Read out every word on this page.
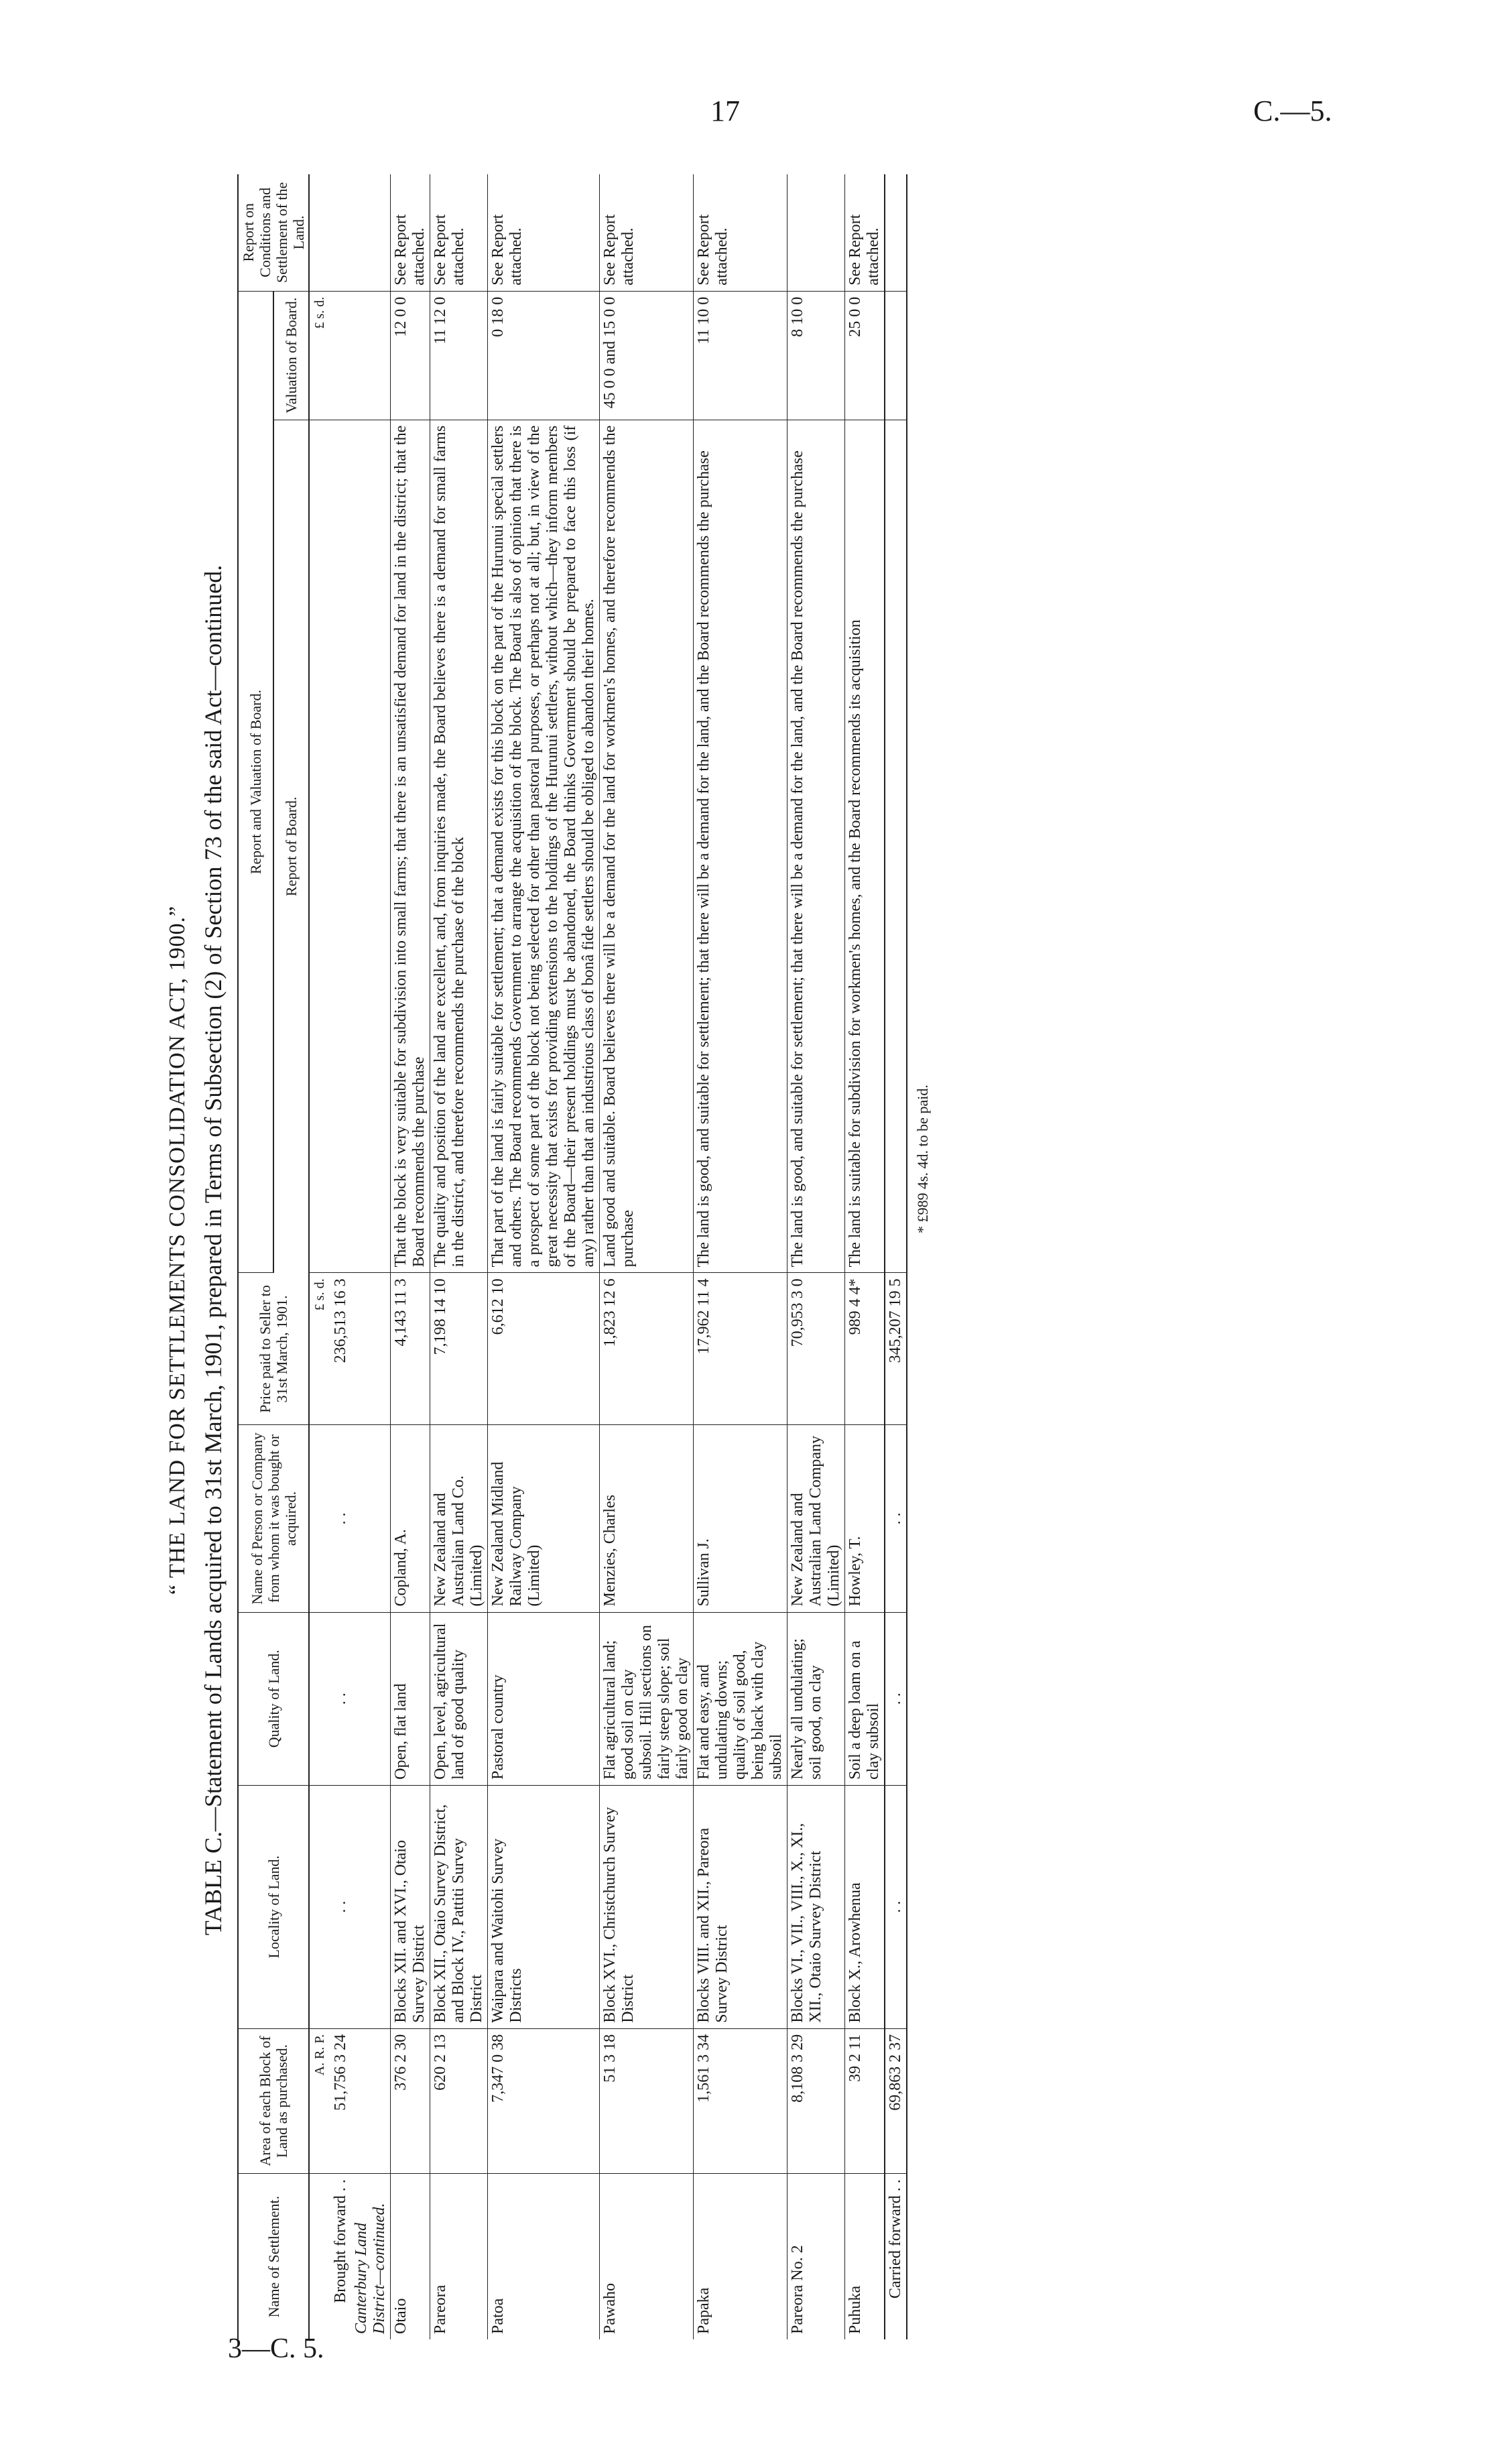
17	C.—5.
3—C. 5.
“ THE LAND FOR SETTLEMENTS CONSOLIDATION ACT, 1900.” TABLE C.—Statement of Lands acquired to 31st March, 1901, prepared in Terms of Subsection (2) of Section 73 of the said Act—continued.
Name of Settlement.	Area of each Block of Land as purchased.	Locality of Land.	Quality of Land.	Name of Person or Company from whom it was bought or acquired.	Price paid to Seller to 31st March, 1901.	Report and Valuation of Board.		Report on Conditions and Settlement of the Land.
						Report of Board.	Valuation of Board.	
	A. R. P.				£ s. d.		£ s. d.	
Brought forward . .	51,756 3 24	. .	. .	. .	236,513 16 3			
Canterbury Land District—continued.								
Otaio	376 2 30	Blocks XII. and XVI., Otaio Survey District	Open, flat land	Copland, A.	4,143 11 3	That the block is very suitable for subdivision into small farms; that there is an unsatisfied demand for land in the district; that the Board recommends the purchase	12 0 0	See Report attached.
Pareora	620 2 13	Block XII., Otaio Survey District, and Block IV., Pattiti Survey District	Open, level, agricultural land of good quality	New Zealand and Australian Land Co. (Limited)	7,198 14 10	The quality and position of the land are excellent, and, from inquiries made, the Board believes there is a demand for small farms in the district, and therefore recommends the purchase of the block	11 12 0	See Report attached.
Patoa	7,347 0 38	Waipara and Waitohi Survey Districts	Pastoral country	New Zealand Midland Railway Company (Limited)	6,612 10	That part of the land is fairly suitable for settlement; that a demand exists for this block on the part of the Hurunui special settlers and others. The Board recommends Government to arrange the acquisition of the block. The Board is also of opinion that there is a prospect of some part of the block not being selected for other than pastoral purposes, or perhaps not at all; but, in view of the great necessity that exists for providing extensions to the holdings of the Hurunui settlers, without which—they inform members of the Board—their present holdings must be abandoned, the Board thinks Government should be prepared to face this loss (if any) rather than that an industrious class of bonâ fide settlers should be obliged to abandon their homes.	0 18 0	See Report attached.
Pawaho	51 3 18	Block XVI., Christchurch Survey District	Flat agricultural land; good soil on clay subsoil. Hill sections on fairly steep slope; soil fairly good on clay	Menzies, Charles	1,823 12 6	Land good and suitable. Board believes there will be a demand for the land for workmen's homes, and therefore recommends the purchase	45 0 0 and 15 0 0	See Report attached.
Papaka	1,561 3 34	Blocks VIII. and XII., Pareora Survey District	Flat and easy, and undulating downs; quality of soil good, being black with clay subsoil	Sullivan J.	17,962 11 4	The land is good, and suitable for settlement; that there will be a demand for the land, and the Board recommends the purchase	11 10 0	See Report attached.
Pareora No. 2	8,108 3 29	Blocks VI., VII., VIII., X., XI., XII., Otaio Survey District	Nearly all undulating; soil good, on clay	New Zealand and Australian Land Company (Limited)	70,953 3 0	The land is good, and suitable for settlement; that there will be a demand for the land, and the Board recommends the purchase	8 10 0	
Puhuka	39 2 11	Block X., Arowhenua	Soil a deep loam on a clay subsoil	Howley, T.	989 4 4*	The land is suitable for subdivision for workmen's homes, and the Board recommends its acquisition	25 0 0	See Report attached.
Carried forward . .	69,863 2 37	. .	. .	. .	345,207 19 5			
* £989 4s. 4d. to be paid.
